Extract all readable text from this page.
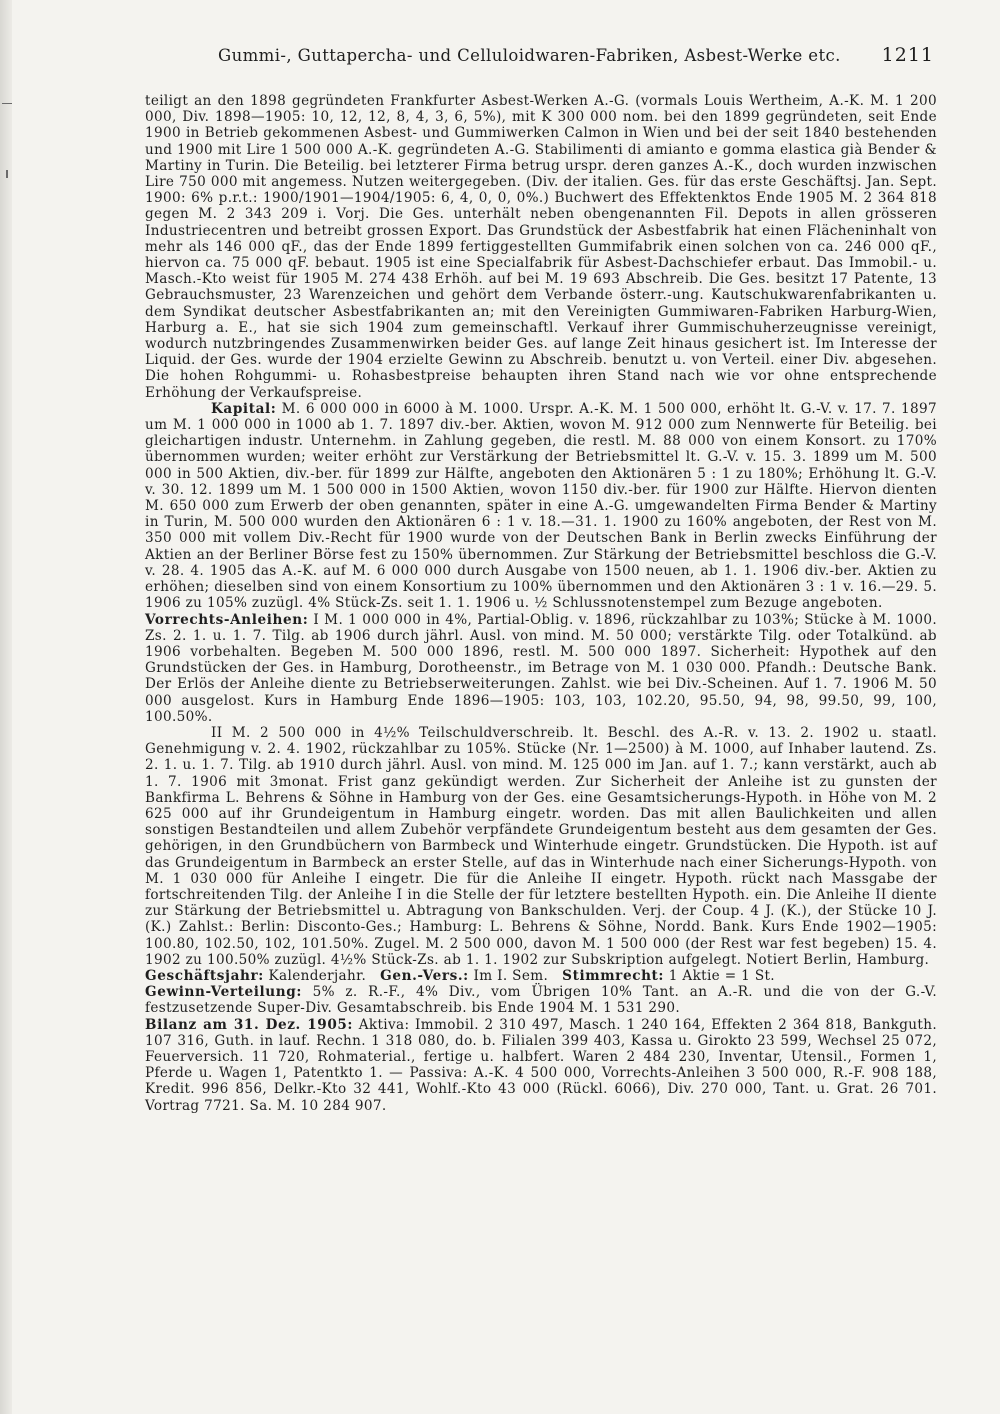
Gummi-, Guttapercha- und Celluloidwaren-Fabriken, Asbest-Werke etc. 1211

teiligt an den 1898 gegründeten Frankfurter Asbest-Werken A.-G. (vormals Louis Wertheim, A.-K. M. 1 200 000, Div. 1898—1905: 10, 12, 12, 8, 4, 3, 6, 5%), mit K 300 000 nom. bei den 1899 gegründeten, seit Ende 1900 in Betrieb gekommenen Asbest- und Gummiwerken Calmon in Wien und bei der seit 1840 bestehenden und 1900 mit Lire 1 500 000 A.-K. gegründeten A.-G. Stabilimenti di amianto e gomma elastica già Bender & Martiny in Turin. Die Beteilig. bei letzterer Firma betrug urspr. deren ganzes A.-K., doch wurden inzwischen Lire 750 000 mit angemess. Nutzen weitergegeben. (Div. der italien. Ges. für das erste Geschäftsj. Jan. Sept. 1900: 6% p.r.t.: 1900/1901—1904/1905: 6, 4, 0, 0, 0%.) Buchwert des Effektenktos Ende 1905 M. 2 364 818 gegen M. 2 343 209 i. Vorj. Die Ges. unterhält neben obengenannten Fil. Depots in allen grösseren Industriecentren und betreibt grossen Export. Das Grundstück der Asbestfabrik hat einen Flächeninhalt von mehr als 146 000 qF., das der Ende 1899 fertiggestellten Gummifabrik einen solchen von ca. 246 000 qF., hiervon ca. 75 000 qF. bebaut. 1905 ist eine Specialfabrik für Asbest-Dachschiefer erbaut. Das Immobil.- u. Masch.-Kto weist für 1905 M. 274 438 Erhöh. auf bei M. 19 693 Abschreib. Die Ges. besitzt 17 Patente, 13 Gebrauchsmuster, 23 Warenzeichen und gehört dem Verbande österr.-ung. Kautschukwarenfabrikanten u. dem Syndikat deutscher Asbestfabrikanten an; mit den Vereinigten Gummiwaren-Fabriken Harburg-Wien, Harburg a. E., hat sie sich 1904 zum gemeinschaftl. Verkauf ihrer Gummischuherzeugnisse vereinigt, wodurch nutzbringendes Zusammenwirken beider Ges. auf lange Zeit hinaus gesichert ist. Im Interesse der Liquid. der Ges. wurde der 1904 erzielte Gewinn zu Abschreib. benutzt u. von Verteil. einer Div. abgesehen. Die hohen Rohgummi- u. Rohasbestpreise behaupten ihren Stand nach wie vor ohne entsprechende Erhöhung der Verkaufspreise.

Kapital: M. 6 000 000 in 6000 à M. 1000. Urspr. A.-K. M. 1 500 000, erhöht lt. G.-V. v. 17. 7. 1897 um M. 1 000 000 in 1000 ab 1. 7. 1897 div.-ber. Aktien, wovon M. 912 000 zum Nennwerte für Beteilig. bei gleichartigen industr. Unternehm. in Zahlung gegeben, die restl. M. 88 000 von einem Konsort. zu 170% übernommen wurden; weiter erhöht zur Verstärkung der Betriebsmittel lt. G.-V. v. 15. 3. 1899 um M. 500 000 in 500 Aktien, div.-ber. für 1899 zur Hälfte, angeboten den Aktionären 5 : 1 zu 180%; Erhöhung lt. G.-V. v. 30. 12. 1899 um M. 1 500 000 in 1500 Aktien, wovon 1150 div.-ber. für 1900 zur Hälfte. Hiervon dienten M. 650 000 zum Erwerb der oben genannten, später in eine A.-G. umgewandelten Firma Bender & Martiny in Turin, M. 500 000 wurden den Aktionären 6 : 1 v. 18.—31. 1. 1900 zu 160% angeboten, der Rest von M. 350 000 mit vollem Div.-Recht für 1900 wurde von der Deutschen Bank in Berlin zwecks Einführung der Aktien an der Berliner Börse fest zu 150% übernommen. Zur Stärkung der Betriebsmittel beschloss die G.-V. v. 28. 4. 1905 das A.-K. auf M. 6 000 000 durch Ausgabe von 1500 neuen, ab 1. 1. 1906 div.-ber. Aktien zu erhöhen; dieselben sind von einem Konsortium zu 100% übernommen und den Aktionären 3 : 1 v. 16.—29. 5. 1906 zu 105% zuzügl. 4% Stück-Zs. seit 1. 1. 1906 u. ½ Schlussnotenstempel zum Bezuge angeboten.

Vorrechts-Anleihen: I M. 1 000 000 in 4%, Partial-Oblig. v. 1896, rückzahlbar zu 103%; Stücke à M. 1000. Zs. 2. 1. u. 1. 7. Tilg. ab 1906 durch jährl. Ausl. von mind. M. 50 000; verstärkte Tilg. oder Totalkünd. ab 1906 vorbehalten. Begeben M. 500 000 1896, restl. M. 500 000 1897. Sicherheit: Hypothek auf den Grundstücken der Ges. in Hamburg, Dorotheenstr., im Betrage von M. 1 030 000. Pfandh.: Deutsche Bank. Der Erlös der Anleihe diente zu Betriebserweiterungen. Zahlst. wie bei Div.-Scheinen. Auf 1. 7. 1906 M. 50 000 ausgelost. Kurs in Hamburg Ende 1896—1905: 103, 103, 102.20, 95.50, 94, 98, 99.50, 99, 100, 100.50%.

II M. 2 500 000 in 4½% Teilschuldverschreib. lt. Beschl. des A.-R. v. 13. 2. 1902 u. staatl. Genehmigung v. 2. 4. 1902, rückzahlbar zu 105%. Stücke (Nr. 1—2500) à M. 1000, auf Inhaber lautend. Zs. 2. 1. u. 1. 7. Tilg. ab 1910 durch jährl. Ausl. von mind. M. 125 000 im Jan. auf 1. 7.; kann verstärkt, auch ab 1. 7. 1906 mit 3monat. Frist ganz gekündigt werden. Zur Sicherheit der Anleihe ist zu gunsten der Bankfirma L. Behrens & Söhne in Hamburg von der Ges. eine Gesamtsicherungs-Hypoth. in Höhe von M. 2 625 000 auf ihr Grundeigentum in Hamburg eingetr. worden. Das mit allen Baulichkeiten und allen sonstigen Bestandteilen und allem Zubehör verpfändete Grundeigentum besteht aus dem gesamten der Ges. gehörigen, in den Grundbüchern von Barmbeck und Winterhude eingetr. Grundstücken. Die Hypoth. ist auf das Grundeigentum in Barmbeck an erster Stelle, auf das in Winterhude nach einer Sicherungs-Hypoth. von M. 1 030 000 für Anleihe I eingetr. Die für die Anleihe II eingetr. Hypoth. rückt nach Massgabe der fortschreitenden Tilg. der Anleihe I in die Stelle der für letztere bestellten Hypoth. ein. Die Anleihe II diente zur Stärkung der Betriebsmittel u. Abtragung von Bankschulden. Verj. der Coup. 4 J. (K.), der Stücke 10 J. (K.) Zahlst.: Berlin: Disconto-Ges.; Hamburg: L. Behrens & Söhne, Nordd. Bank. Kurs Ende 1902—1905: 100.80, 102.50, 102, 101.50%. Zugel. M. 2 500 000, davon M. 1 500 000 (der Rest war fest begeben) 15. 4. 1902 zu 100.50% zuzügl. 4½% Stück-Zs. ab 1. 1. 1902 zur Subskription aufgelegt. Notiert Berlin, Hamburg.

Geschäftsjahr: Kalenderjahr. Gen.-Vers.: Im I. Sem. Stimmrecht: 1 Aktie = 1 St.

Gewinn-Verteilung: 5% z. R.-F., 4% Div., vom Übrigen 10% Tant. an A.-R. und die von der G.-V. festzusetzende Super-Div. Gesamtabschreib. bis Ende 1904 M. 1 531 290.

Bilanz am 31. Dez. 1905: Aktiva: Immobil. 2 310 497, Masch. 1 240 164, Effekten 2 364 818, Bankguth. 107 316, Guth. in lauf. Rechn. 1 318 080, do. b. Filialen 399 403, Kassa u. Girokto 23 599, Wechsel 25 072, Feuerversich. 11 720, Rohmaterial., fertige u. halbfert. Waren 2 484 230, Inventar, Utensil., Formen 1, Pferde u. Wagen 1, Patentkto 1. — Passiva: A.-K. 4 500 000, Vorrechts-Anleihen 3 500 000, R.-F. 908 188, Kredit. 996 856, Delkr.-Kto 32 441, Wohlf.-Kto 43 000 (Rückl. 6066), Div. 270 000, Tant. u. Grat. 26 701. Vortrag 7721. Sa. M. 10 284 907.
